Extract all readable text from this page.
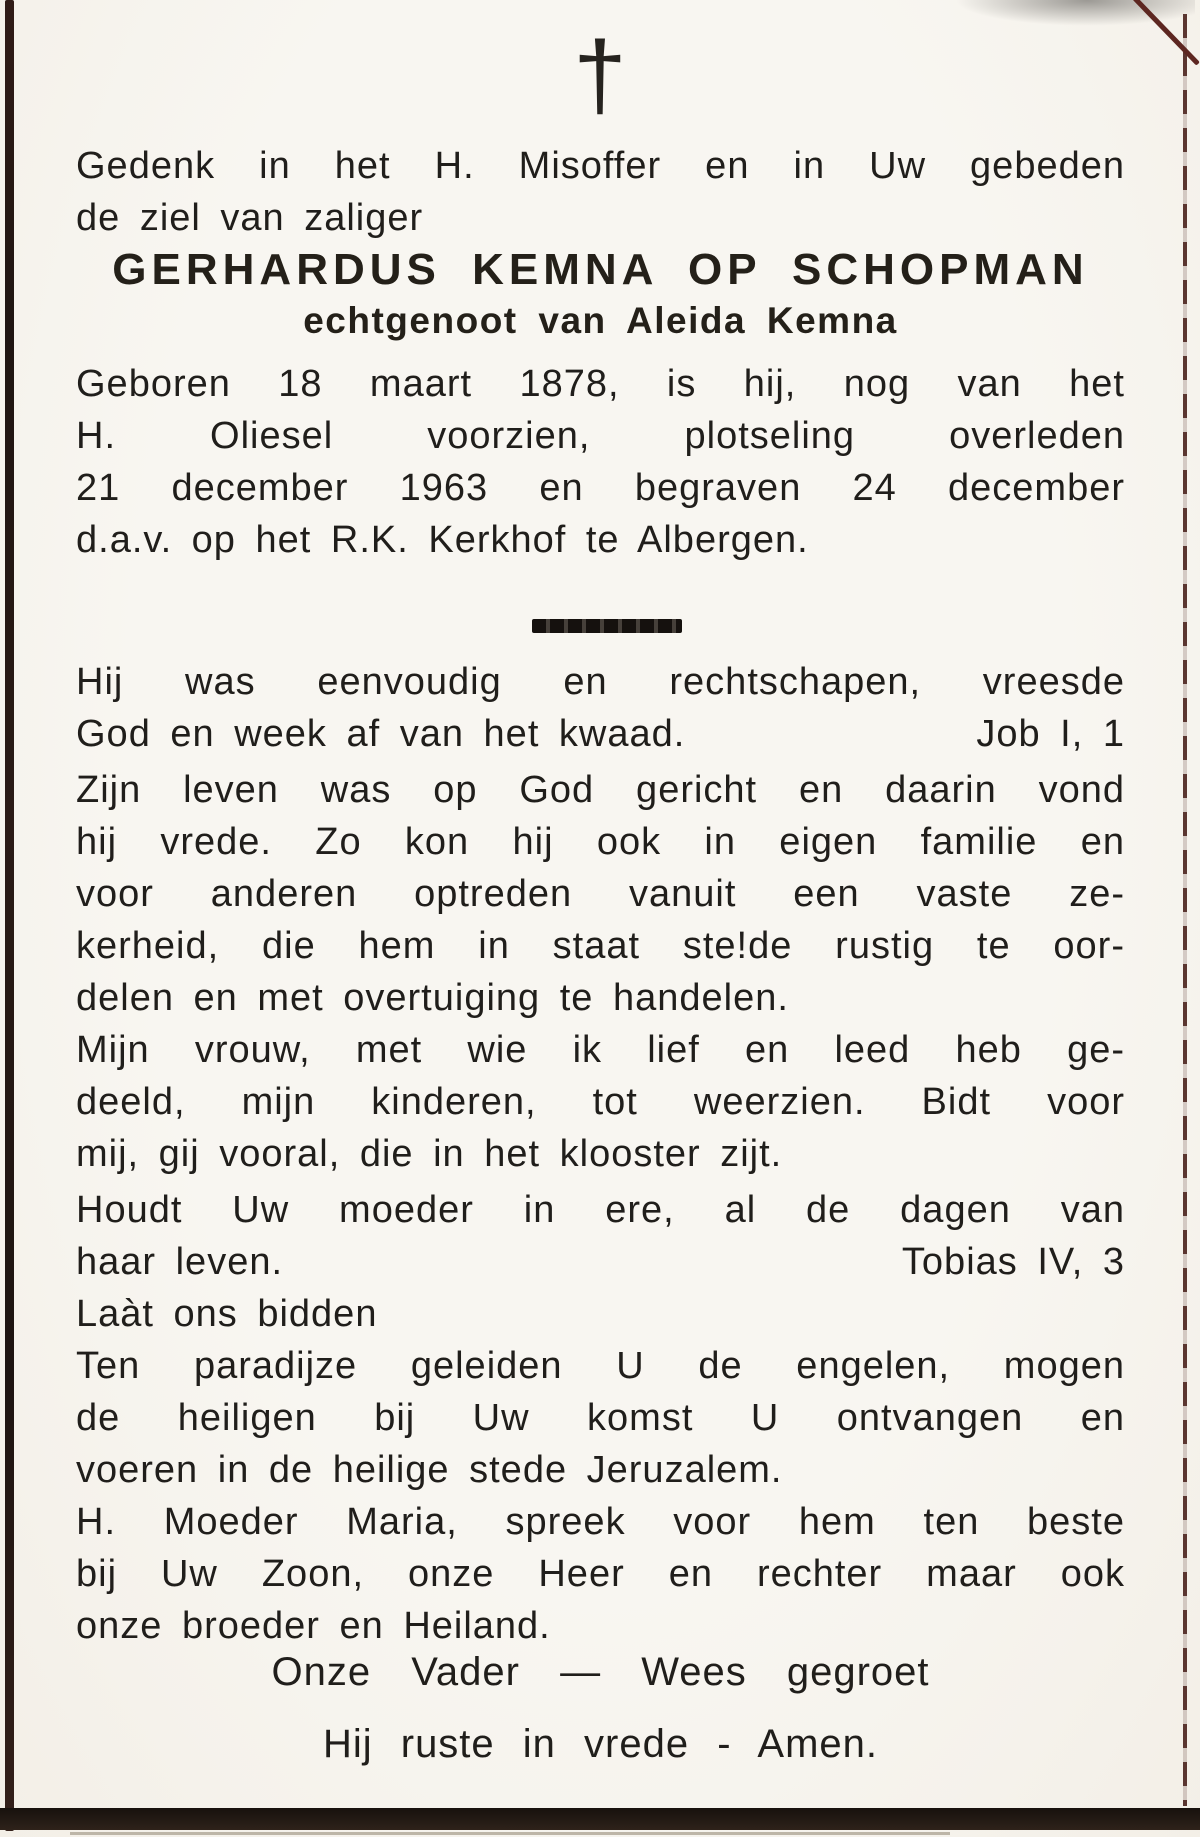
†
Gedenk in het H. Misoffer en in Uw gebeden
de ziel van zaliger
GERHARDUS KEMNA OP SCHOPMAN
echtgenoot van Aleida Kemna
Geboren 18 maart 1878, is hij, nog van het
H. Oliesel voorzien, plotseling overleden
21 december 1963 en begraven 24 december
d.a.v. op het R.K. Kerkhof te Albergen.
Hij was eenvoudig en rechtschapen, vreesde
God en week af van het kwaad.	Job I, 1
Zijn leven was op God gericht en daarin vond
hij vrede. Zo kon hij ook in eigen familie en
voor anderen optreden vanuit een vaste ze-
kerheid, die hem in staat ste!de rustig te oor-
delen en met overtuiging te handelen.
Mijn vrouw, met wie ik lief en leed heb ge-
deeld, mijn kinderen, tot weerzien. Bidt voor
mij, gij vooral, die in het klooster zijt.
Houdt Uw moeder in ere, al de dagen van
haar leven.	Tobias IV, 3
Laàt ons bidden
Ten paradijze geleiden U de engelen, mogen
de heiligen bij Uw komst U ontvangen en
voeren in de heilige stede Jeruzalem.
H. Moeder Maria, spreek voor hem ten beste
bij Uw Zoon, onze Heer en rechter maar ook
onze broeder en Heiland.
Onze Vader — Wees gegroet
Hij ruste in vrede - Amen.
